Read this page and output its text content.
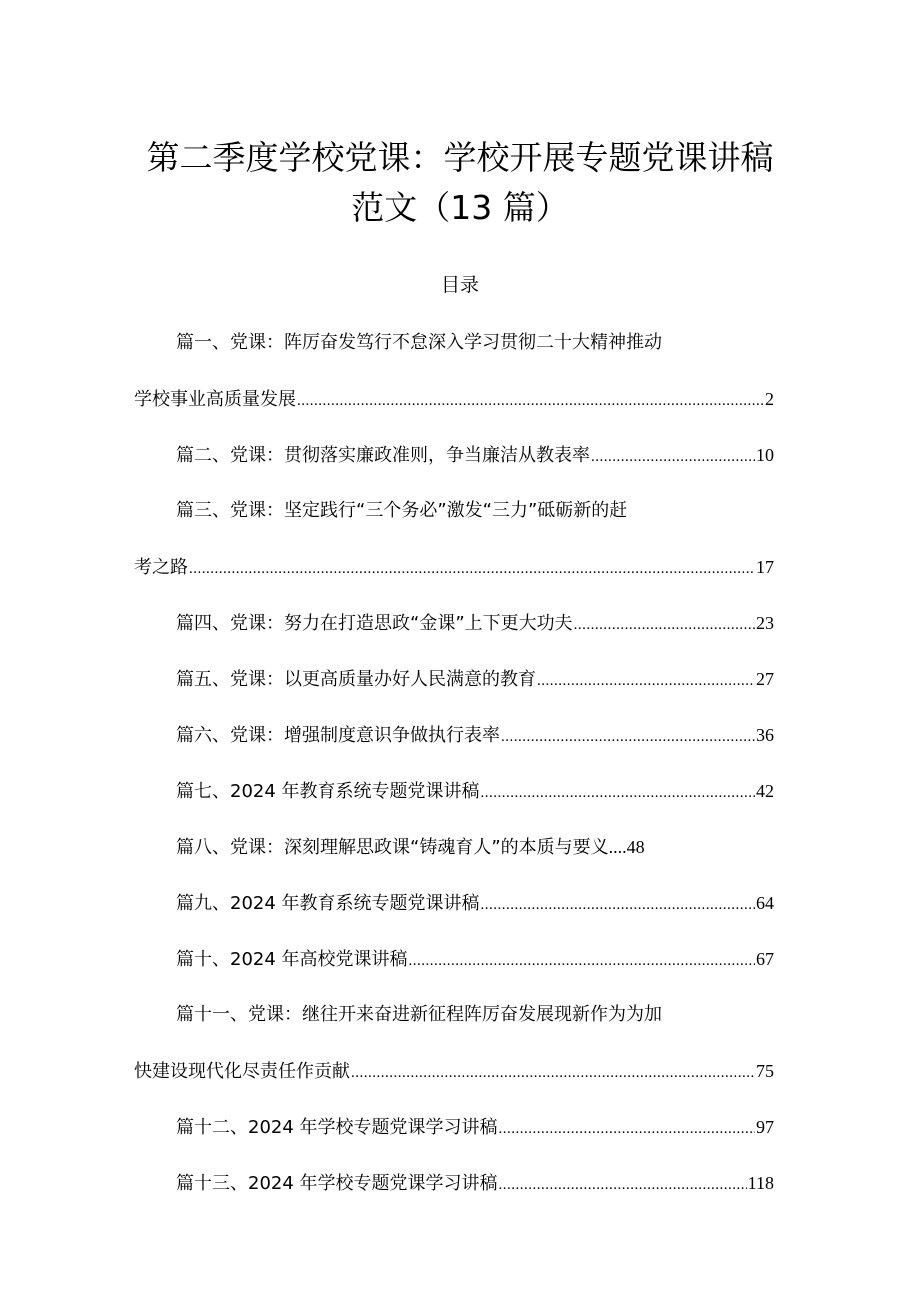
第二季度学校党课：学校开展专题党课讲稿
范文（13 篇）
目录
篇一、党课：阵厉奋发笃行不怠深入学习贯彻二十大精神推动
学校事业高质量发展 .....	2
篇二、党课：贯彻落实廉政准则，争当廉洁从教表率 .....	10
篇三、党课：坚定践行“三个务必”激发“三力”砥砺新的赶
考之路 .....	17
篇四、党课：努力在打造思政“金课”上下更大功夫 .....	23
篇五、党课：以更高质量办好人民满意的教育 .....	27
篇六、党课：增强制度意识争做执行表率 .....	36
篇七、2024 年教育系统专题党课讲稿 .....	42
篇八、党课：深刻理解思政课“铸魂育人”的本质与要义....48
篇九、2024 年教育系统专题党课讲稿 .....	64
篇十、2024 年高校党课讲稿 .....	67
篇十一、党课：继往开来奋进新征程阵厉奋发展现新作为为加
快建设现代化尽责任作贡献 .....	75
篇十二、2024 年学校专题党课学习讲稿 .....	97
篇十三、2024 年学校专题党课学习讲稿 .....	118
